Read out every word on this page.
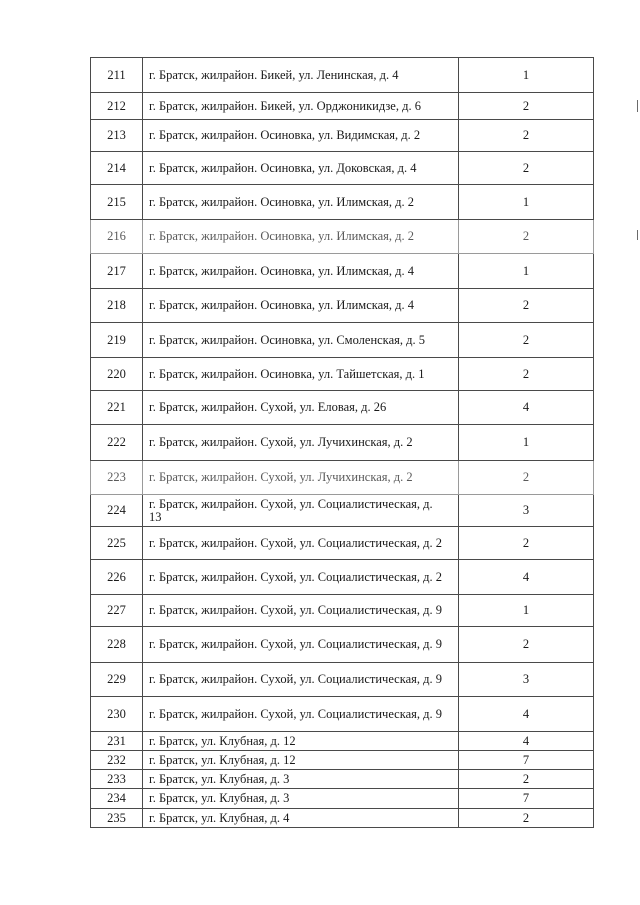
211	г. Братск, жилрайон. Бикей, ул. Ленинская, д. 4	1
212	г. Братск, жилрайон. Бикей, ул. Орджоникидзе, д. 6	2
213	г. Братск, жилрайон. Осиновка, ул. Видимская, д. 2	2
214	г. Братск, жилрайон. Осиновка, ул. Доковская, д. 4	2
215	г. Братск, жилрайон. Осиновка, ул. Илимская, д. 2	1
216	г. Братск, жилрайон. Осиновка, ул. Илимская, д. 2	2
217	г. Братск, жилрайон. Осиновка, ул. Илимская, д. 4	1
218	г. Братск, жилрайон. Осиновка, ул. Илимская, д. 4	2
219	г. Братск, жилрайон. Осиновка, ул. Смоленская, д. 5	2
220	г. Братск, жилрайон. Осиновка, ул. Тайшетская, д. 1	2
221	г. Братск, жилрайон. Сухой, ул. Еловая, д. 26	4
222	г. Братск, жилрайон. Сухой, ул. Лучихинская, д. 2	1
223	г. Братск, жилрайон. Сухой, ул. Лучихинская, д. 2	2
224	г. Братск, жилрайон. Сухой, ул. Социалистическая, д. 13	3
225	г. Братск, жилрайон. Сухой, ул. Социалистическая, д. 2	2
226	г. Братск, жилрайон. Сухой, ул. Социалистическая, д. 2	4
227	г. Братск, жилрайон. Сухой, ул. Социалистическая, д. 9	1
228	г. Братск, жилрайон. Сухой, ул. Социалистическая, д. 9	2
229	г. Братск, жилрайон. Сухой, ул. Социалистическая, д. 9	3
230	г. Братск, жилрайон. Сухой, ул. Социалистическая, д. 9	4
231	г. Братск, ул. Клубная, д. 12	4
232	г. Братск, ул. Клубная, д. 12	7
233	г. Братск, ул. Клубная, д. 3	2
234	г. Братск, ул. Клубная, д. 3	7
235	г. Братск, ул. Клубная, д. 4	2
